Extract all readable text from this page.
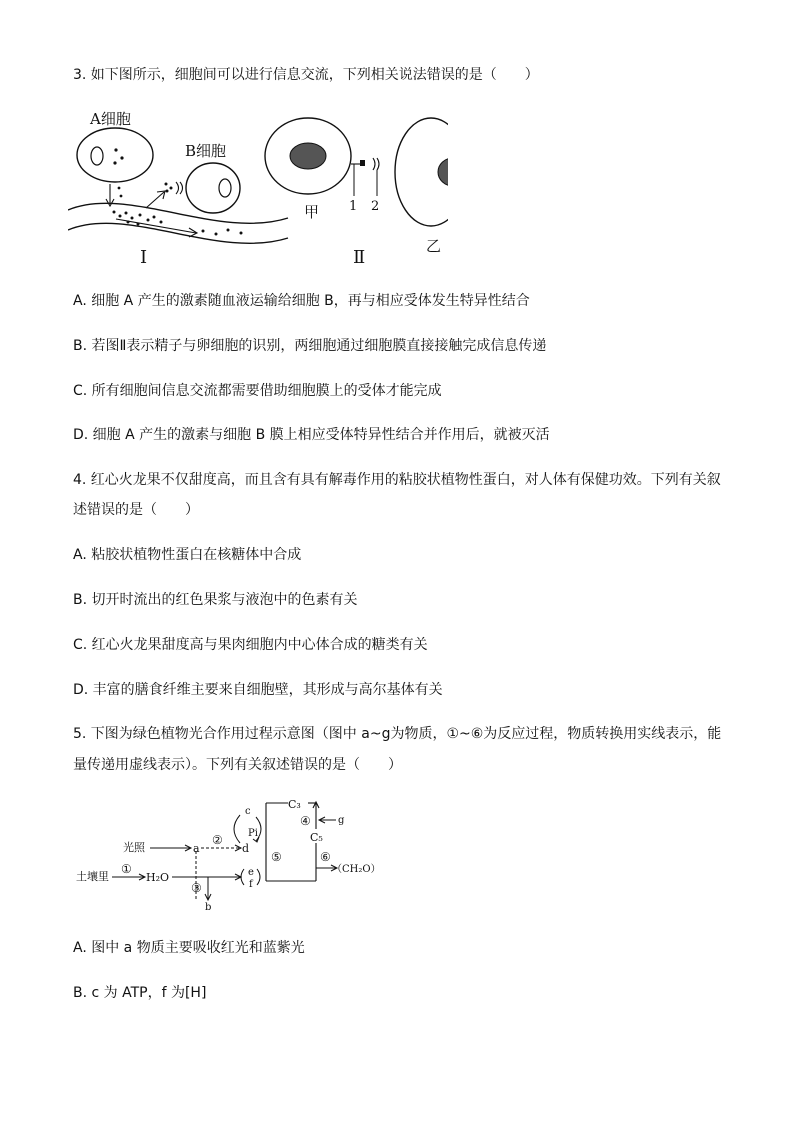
3. 如下图所示，细胞间可以进行信息交流，下列相关说法错误的是（　　）
A细胞
B细胞
Ⅰ
甲 1 2
乙
Ⅱ
A. 细胞 A 产生的激素随血液运输给细胞 B，再与相应受体发生特异性结合
B. 若图Ⅱ表示精子与卵细胞的识别，两细胞通过细胞膜直接接触完成信息传递
C. 所有细胞间信息交流都需要借助细胞膜上的受体才能完成
D. 细胞 A 产生的激素与细胞 B 膜上相应受体特异性结合并作用后，就被灭活
4. 红心火龙果不仅甜度高，而且含有具有解毒作用的粘胶状植物性蛋白，对人体有保健功效。下列有关叙
述错误的是（　　）
A. 粘胶状植物性蛋白在核糖体中合成
B. 切开时流出的红色果浆与液泡中的色素有关
C. 红心火龙果甜度高与果肉细胞内中心体合成的糖类有关
D. 丰富的膳食纤维主要来自细胞壁，其形成与高尔基体有关
5. 下图为绿色植物光合作用过程示意图（图中 a~g为物质，①~⑥为反应过程，物质转换用实线表示，能
量传递用虚线表示）。下列有关叙述错误的是（　　）
光照	a	d
②
c
Pi
土壤里
①
H₂O
③
b
e
f
C₃
C₅
④	g
⑤	⑥
（CH₂O）
A. 图中 a 物质主要吸收红光和蓝紫光
B. c 为 ATP，f 为[H]
